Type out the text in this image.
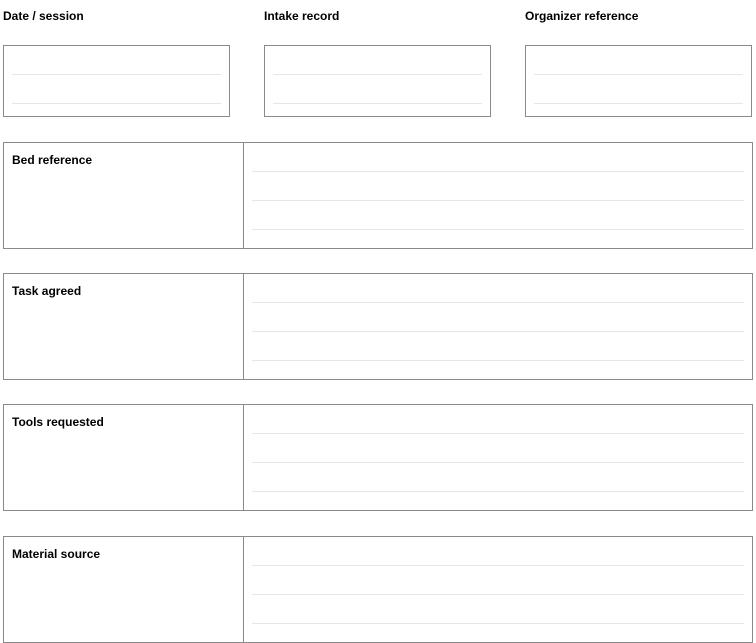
Date / session	Intake record	Organizer reference
Bed reference
Task agreed
Tools requested
Material source
